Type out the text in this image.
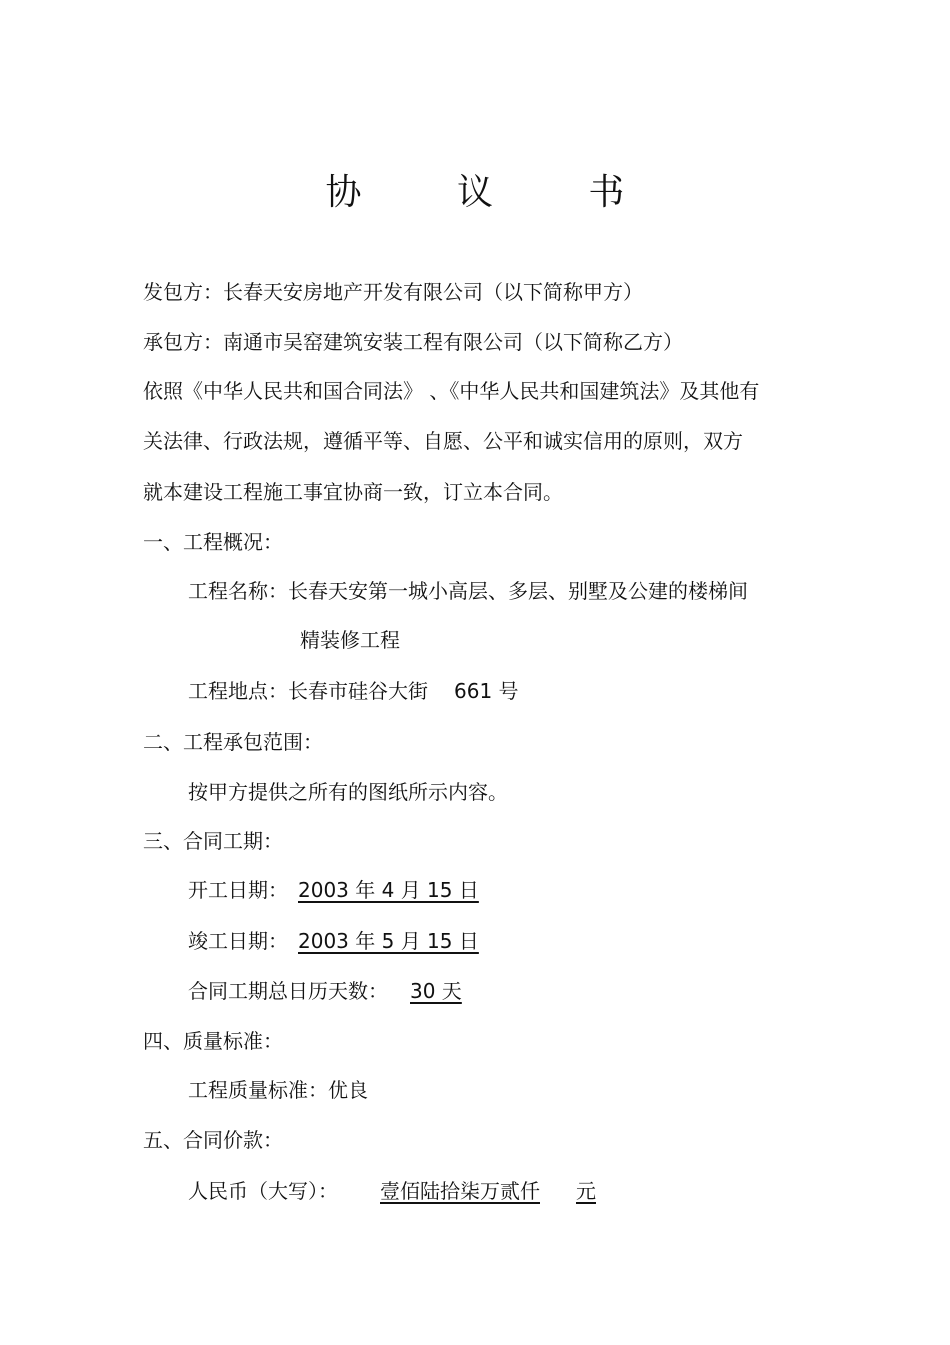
协 议 书
发包方：长春天安房地产开发有限公司（以下简称甲方）
承包方：南通市吴窑建筑安装工程有限公司（以下简称乙方）
依照《中华人民共和国合同法》 、《中华人民共和国建筑法》及其他有
关法律、行政法规，遵循平等、自愿、公平和诚实信用的原则，双方
就本建设工程施工事宜协商一致，订立本合同。
一、工程概况：
工程名称：长春天安第一城小高层、多层、别墅及公建的楼梯间
精装修工程
工程地点：长春市硅谷大街 661 号
二、工程承包范围：
按甲方提供之所有的图纸所示内容。
三、合同工期：
开工日期： 2003 年 4 月 15 日
竣工日期： 2003 年 5 月 15 日
合同工期总日历天数： 30 天
四、质量标准：
工程质量标准：优良
五、合同价款：
人民币（大写）： 壹佰陆拾柒万贰仟 元
